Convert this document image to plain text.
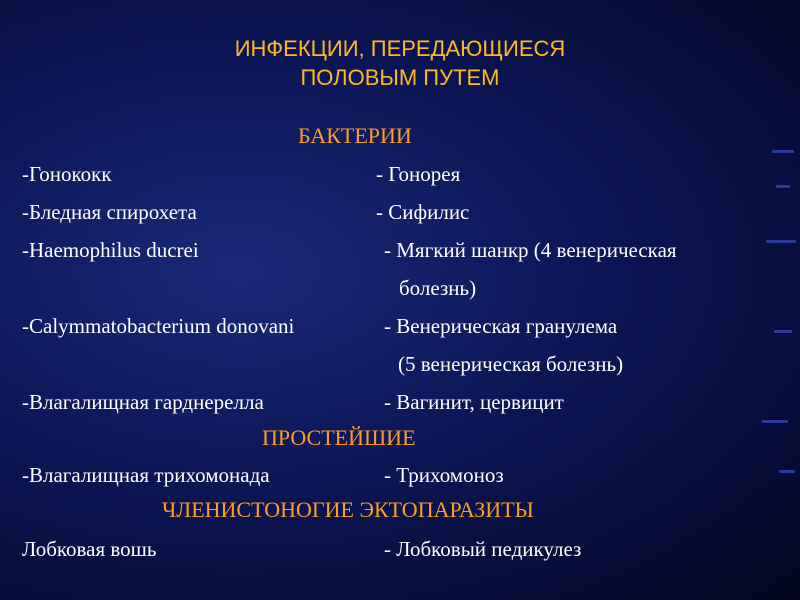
ИНФЕКЦИИ, ПЕРЕДАЮЩИЕСЯ
ПОЛОВЫМ ПУТЕМ
БАКТЕРИИ
-Гонококк	- Гонорея
-Бледная спирохета	- Сифилис
-Haemophilus ducrei	- Мягкий шанкр (4 венерическая
болезнь)
-Calymmatobacterium donovani	- Венерическая гранулема
(5 венерическая болезнь)
-Влагалищная гарднерелла	- Вагинит, цервицит
ПРОСТЕЙШИЕ
-Влагалищная трихомонада	- Трихомоноз
ЧЛЕНИСТОНОГИЕ ЭКТОПАРАЗИТЫ
Лобковая вошь	- Лобковый педикулез
